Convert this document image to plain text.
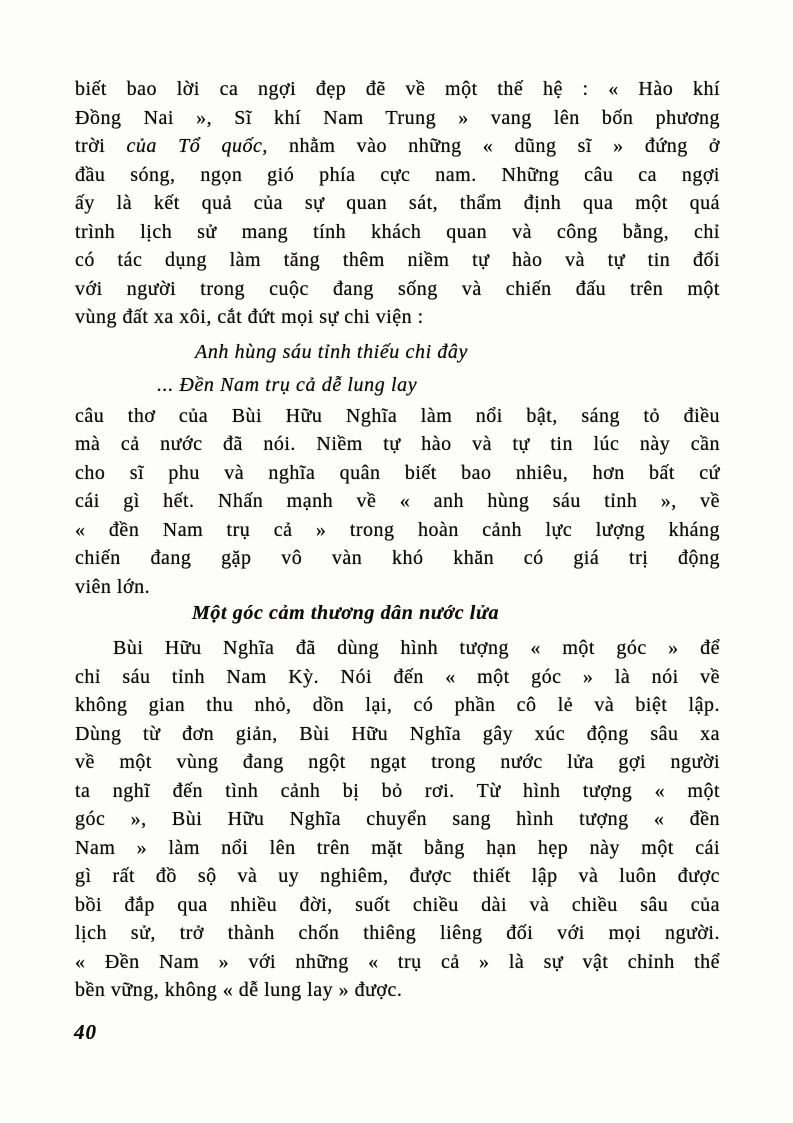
biết bao lời ca ngợi đẹp đẽ về một thế hệ : « Hào khí
Đồng Nai », Sĩ khí Nam Trung » vang lên bốn phương
trời của Tổ quốc, nhằm vào những « dũng sĩ » đứng ở
đầu sóng, ngọn gió phía cực nam. Những câu ca ngợi
ấy là kết quả của sự quan sát, thẩm định qua một quá
trình lịch sử mang tính khách quan và công bằng, chỉ
có tác dụng làm tăng thêm niềm tự hào và tự tin đối
với người trong cuộc đang sống và chiến đấu trên một
vùng đất xa xôi, cắt đứt mọi sự chi viện :
Anh hùng sáu tỉnh thiếu chi đây
... Đền Nam trụ cả dễ lung lay
câu thơ của Bùi Hữu Nghĩa làm nổi bật, sáng tỏ điều
mà cả nước đã nói. Niềm tự hào và tự tin lúc này cần
cho sĩ phu và nghĩa quân biết bao nhiêu, hơn bất cứ
cái gì hết. Nhấn mạnh về « anh hùng sáu tỉnh », về
« đền Nam trụ cả » trong hoàn cảnh lực lượng kháng
chiến đang gặp vô vàn khó khăn có giá trị động
viên lớn.
Một góc cảm thương dân nước lửa
Bùi Hữu Nghĩa đã dùng hình tượng « một góc » để
chỉ sáu tỉnh Nam Kỳ. Nói đến « một góc » là nói về
không gian thu nhỏ, dồn lại, có phần cô lẻ và biệt lập.
Dùng từ đơn giản, Bùi Hữu Nghĩa gây xúc động sâu xa
về một vùng đang ngột ngạt trong nước lửa gợi người
ta nghĩ đến tình cảnh bị bỏ rơi. Từ hình tượng « một
góc », Bùi Hữu Nghĩa chuyển sang hình tượng « đền
Nam » làm nổi lên trên mặt bằng hạn hẹp này một cái
gì rất đồ sộ và uy nghiêm, được thiết lập và luôn được
bồi đắp qua nhiều đời, suốt chiều dài và chiều sâu của
lịch sử, trở thành chốn thiêng liêng đối với mọi người.
« Đền Nam » với những « trụ cả » là sự vật chỉnh thể
bền vững, không « dễ lung lay » được.
40
